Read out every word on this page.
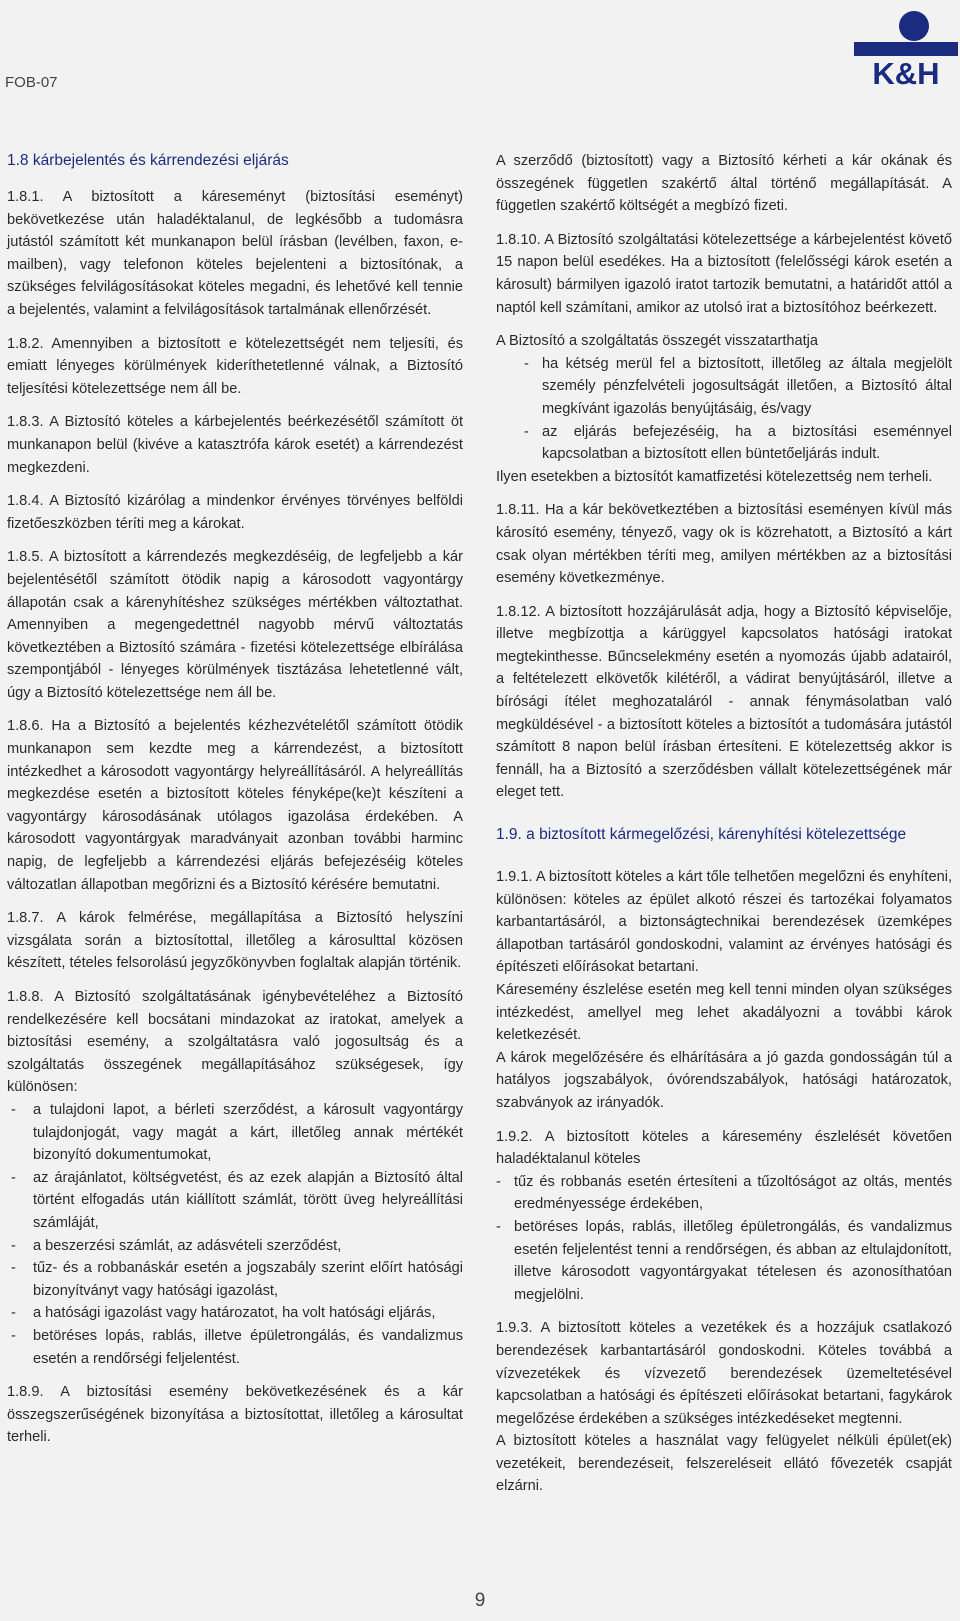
FOB-07	K&H
1.8 kárbejelentés és kárrendezési eljárás

1.8.1. A biztosított a káreseményt (biztosítási eseményt) bekövetkezése után haladéktalanul, de legkésőbb a tudomásra jutástól számított két munkanapon belül írásban (levélben, faxon, e-mailben), vagy telefonon köteles bejelenteni a biztosítónak, a szükséges felvilágosításokat köteles megadni, és lehetővé kell tennie a bejelentés, valamint a felvilágosítások tartalmának ellenőrzését.

1.8.2. Amennyiben a biztosított e kötelezettségét nem teljesíti, és emiatt lényeges körülmények kideríthetetlenné válnak, a Biztosító teljesítési kötelezettsége nem áll be.

1.8.3. A Biztosító köteles a kárbejelentés beérkezésétől számított öt munkanapon belül (kivéve a katasztrófa károk esetét) a kárrendezést megkezdeni.

1.8.4. A Biztosító kizárólag a mindenkor érvényes törvényes belföldi fizetőeszközben téríti meg a károkat.

1.8.5. A biztosított a kárrendezés megkezdéséig, de legfeljebb a kár bejelentésétől számított ötödik napig a károsodott vagyontárgy állapotán csak a kárenyhítéshez szükséges mértékben változtathat. Amennyiben a megengedettnél nagyobb mérvű változtatás következtében a Biztosító számára - fizetési kötelezettsége elbírálása szempontjából - lényeges körülmények tisztázása lehetetlenné vált, úgy a Biztosító kötelezettsége nem áll be.

1.8.6. Ha a Biztosító a bejelentés kézhezvételétől számított ötödik munkanapon sem kezdte meg a kárrendezést, a biztosított intézkedhet a károsodott vagyontárgy helyreállításáról. A helyreállítás megkezdése esetén a biztosított köteles fényképe(ke)t készíteni a vagyontárgy károsodásának utólagos igazolása érdekében. A károsodott vagyontárgyak maradványait azonban további harminc napig, de legfeljebb a kárrendezési eljárás befejezéséig köteles változatlan állapotban megőrizni és a Biztosító kérésére bemutatni.

1.8.7. A károk felmérése, megállapítása a Biztosító helyszíni vizsgálata során a biztosítottal, illetőleg a károsulttal közösen készített, tételes felsorolású jegyzőkönyvben foglaltak alapján történik.

1.8.8. A Biztosító szolgáltatásának igénybevételéhez a Biztosító rendelkezésére kell bocsátani mindazokat az iratokat, amelyek a biztosítási esemény, a szolgáltatásra való jogosultság és a szolgáltatás összegének megállapításához szükségesek, így különösen:

- a tulajdoni lapot, a bérleti szerződést, a károsult vagyontárgy tulajdonjogát, vagy magát a kárt, illetőleg annak mértékét bizonyító dokumentumokat,
- az árajánlatot, költségvetést, és az ezek alapján a Biztosító által történt elfogadás után kiállított számlát, törött üveg helyreállítási számláját,
- a beszerzési számlát, az adásvételi szerződést,
- tűz- és a robbanáskár esetén a jogszabály szerint előírt hatósági bizonyítványt vagy hatósági igazolást,
- a hatósági igazolást vagy határozatot, ha volt hatósági eljárás,
- betöréses lopás, rablás, illetve épületrongálás, és vandalizmus esetén a rendőrségi feljelentést.

1.8.9. A biztosítási esemény bekövetkezésének és a kár összegszerűségének bizonyítása a biztosítottat, illetőleg a károsultat terheli.

A szerződő (biztosított) vagy a Biztosító kérheti a kár okának és összegének független szakértő által történő megállapítását. A független szakértő költségét a megbízó fizeti.

1.8.10. A Biztosító szolgáltatási kötelezettsége a kárbejelentést követő 15 napon belül esedékes. Ha a biztosított (felelősségi károk esetén a károsult) bármilyen igazoló iratot tartozik bemutatni, a határidőt attól a naptól kell számítani, amikor az utolsó irat a biztosítóhoz beérkezett.

A Biztosító a szolgáltatás összegét visszatarthatja

- ha kétség merül fel a biztosított, illetőleg az általa megjelölt személy pénzfelvételi jogosultságát illetően, a Biztosító által megkívánt igazolás benyújtásáig, és/vagy
- az eljárás befejezéséig, ha a biztosítási eseménnyel kapcsolatban a biztosított ellen büntetőeljárás indult.

Ilyen esetekben a biztosítót kamatfizetési kötelezettség nem terheli.

1.8.11. Ha a kár bekövetkeztében a biztosítási eseményen kívül más károsító esemény, tényező, vagy ok is közrehatott, a Biztosító a kárt csak olyan mértékben téríti meg, amilyen mértékben az a biztosítási esemény következménye.

1.8.12. A biztosított hozzájárulását adja, hogy a Biztosító képviselője, illetve megbízottja a kárüggyel kapcsolatos hatósági iratokat megtekinthesse. Bűncselekmény esetén a nyomozás újabb adatairól, a feltételezett elkövetők kilétéről, a vádirat benyújtásáról, illetve a bírósági ítélet meghozataláról - annak fénymásolatban való megküldésével - a biztosított köteles a biztosítót a tudomására jutástól számított 8 napon belül írásban értesíteni. E kötelezettség akkor is fennáll, ha a Biztosító a szerződésben vállalt kötelezettségének már eleget tett.

1.9. a biztosított kármegelőzési, kárenyhítési kötelezettsége

1.9.1. A biztosított köteles a kárt tőle telhetően megelőzni és enyhíteni, különösen: köteles az épület alkotó részei és tartozékai folyamatos karbantartásáról, a biztonságtechnikai berendezések üzemképes állapotban tartásáról gondoskodni, valamint az érvényes hatósági és építészeti előírásokat betartani.

Káresemény észlelése esetén meg kell tenni minden olyan szükséges intézkedést, amellyel meg lehet akadályozni a további károk keletkezését.

A károk megelőzésére és elhárítására a jó gazda gondosságán túl a hatályos jogszabályok, óvórendszabályok, hatósági határozatok, szabványok az irányadók.

1.9.2. A biztosított köteles a káresemény észlelését követően haladéktalanul köteles

- tűz és robbanás esetén értesíteni a tűzoltóságot az oltás, mentés eredményessége érdekében,
- betöréses lopás, rablás, illetőleg épületrongálás, és vandalizmus esetén feljelentést tenni a rendőrségen, és abban az eltulajdonított, illetve károsodott vagyontárgyakat tételesen és azonosíthatóan megjelölni.

1.9.3. A biztosított köteles a vezetékek és a hozzájuk csatlakozó berendezések karbantartásáról gondoskodni. Köteles továbbá a vízvezetékek és vízvezető berendezések üzemeltetésével kapcsolatban a hatósági és építészeti előírásokat betartani, fagykárok megelőzése érdekében a szükséges intézkedéseket megtenni.

A biztosított köteles a használat vagy felügyelet nélküli épület(ek) vezetékeit, berendezéseit, felszereléseit ellátó fővezeték csapját elzárni.

9
